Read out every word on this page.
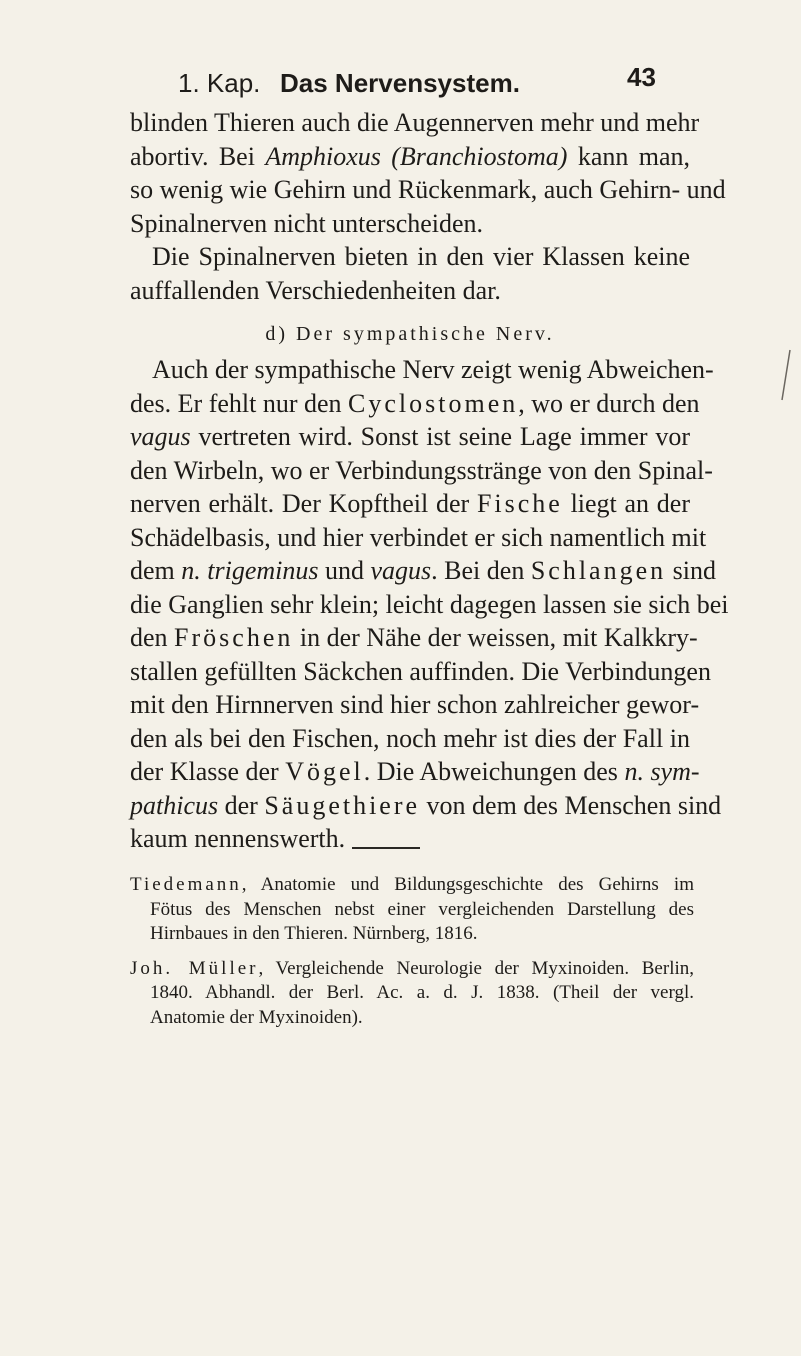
1. Kap. Das Nervensystem.	43
blinden Thieren auch die Augennerven mehr und mehr
abortiv. Bei Amphioxus (Branchiostoma) kann man,
so wenig wie Gehirn und Rückenmark, auch Gehirn- und
Spinalnerven nicht unterscheiden.
Die Spinalnerven bieten in den vier Klassen keine
auffallenden Verschiedenheiten dar.
d) Der sympathische Nerv.
Auch der sympathische Nerv zeigt wenig Abweichen-
des. Er fehlt nur den Cyclostomen, wo er durch den
vagus vertreten wird. Sonst ist seine Lage immer vor
den Wirbeln, wo er Verbindungsstränge von den Spinal-
nerven erhält. Der Kopftheil der Fische liegt an der
Schädelbasis, und hier verbindet er sich namentlich mit
dem n. trigeminus und vagus. Bei den Schlangen sind
die Ganglien sehr klein; leicht dagegen lassen sie sich bei
den Fröschen in der Nähe der weissen, mit Kalkkry-
stallen gefüllten Säckchen auffinden. Die Verbindungen
mit den Hirnnerven sind hier schon zahlreicher gewor-
den als bei den Fischen, noch mehr ist dies der Fall in
der Klasse der Vögel. Die Abweichungen des n. sym-
pathicus der Säugethiere von dem des Menschen sind
kaum nennenswerth.
Tiedemann, Anatomie und Bildungsgeschichte des Gehirns im
Fötus des Menschen nebst einer vergleichenden Darstellung des
Hirnbaues in den Thieren. Nürnberg, 1816.
Joh. Müller, Vergleichende Neurologie der Myxinoiden. Berlin,
1840. Abhandl. der Berl. Ac. a. d. J. 1838. (Theil der vergl.
Anatomie der Myxinoiden).
